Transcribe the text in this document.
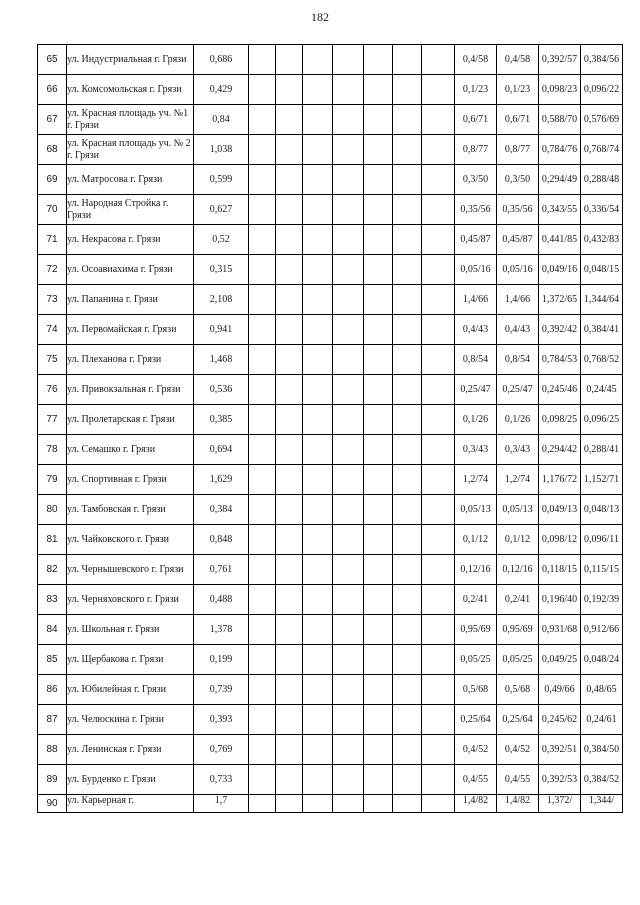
182
65	ул. Индустриальная г. Грязи	0,686								0,4/58	0,4/58	0,392/57	0,384/56
66	ул. Комсомольская г. Грязи	0,429								0,1/23	0,1/23	0,098/23	0,096/22
67	ул. Красная площадь уч. №1 г. Грязи	0,84								0,6/71	0,6/71	0,588/70	0,576/69
68	ул. Красная площадь уч. № 2 г. Грязи	1,038								0,8/77	0,8/77	0,784/76	0,768/74
69	ул. Матросова г. Грязи	0,599								0,3/50	0,3/50	0,294/49	0,288/48
70	ул. Народная Стройка г. Грязи	0,627								0,35/56	0,35/56	0,343/55	0,336/54
71	ул. Некрасова г. Грязи	0,52								0,45/87	0,45/87	0,441/85	0,432/83
72	ул. Осоавиахима г. Грязи	0,315								0,05/16	0,05/16	0,049/16	0,048/15
73	ул. Папанина г. Грязи	2,108								1,4/66	1,4/66	1,372/65	1,344/64
74	ул. Первомайская г. Грязи	0,941								0,4/43	0,4/43	0,392/42	0,384/41
75	ул. Плеханова г. Грязи	1,468								0,8/54	0,8/54	0,784/53	0,768/52
76	ул. Привокзальная г. Грязи	0,536								0,25/47	0,25/47	0,245/46	0,24/45
77	ул. Пролетарская г. Грязи	0,385								0,1/26	0,1/26	0,098/25	0,096/25
78	ул. Семашко г. Грязи	0,694								0,3/43	0,3/43	0,294/42	0,288/41
79	ул. Спортивная г. Грязи	1,629								1,2/74	1,2/74	1,176/72	1,152/71
80	ул. Тамбовская г. Грязи	0,384								0,05/13	0,05/13	0,049/13	0,048/13
81	ул. Чайковского г. Грязи	0,848								0,1/12	0,1/12	0,098/12	0,096/11
82	ул. Чернышевского г. Грязи	0,761								0,12/16	0,12/16	0,118/15	0,115/15
83	ул. Черняховского г. Грязи	0,488								0,2/41	0,2/41	0,196/40	0,192/39
84	ул. Школьная г. Грязи	1,378								0,95/69	0,95/69	0,931/68	0,912/66
85	ул. Щербакова г. Грязи	0,199								0,05/25	0,05/25	0,049/25	0,048/24
86	ул. Юбилейная г. Грязи	0,739								0,5/68	0,5/68	0,49/66	0,48/65
87	ул. Челюскина г. Грязи	0,393								0,25/64	0,25/64	0,245/62	0,24/61
88	ул. Ленинская г. Грязи	0,769								0,4/52	0,4/52	0,392/51	0,384/50
89	ул. Бурденко г. Грязи	0,733								0,4/55	0,4/55	0,392/53	0,384/52
90	ул. Карьерная г.	1,7								1,4/82	1,4/82	1,372/	1,344/
